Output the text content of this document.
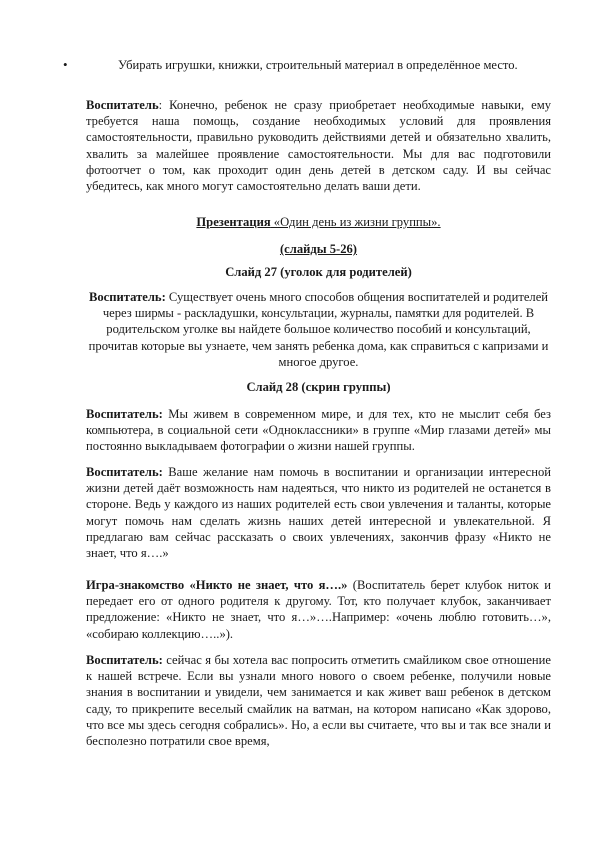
•	Убирать игрушки, книжки, строительный материал в определённое место.
Воспитатель: Конечно, ребенок не сразу приобретает необходимые навыки, ему требуется наша помощь, создание необходимых условий для проявления самостоятельности, правильно руководить действиями детей и обязательно хвалить, хвалить за малейшее проявление самостоятельности. Мы для вас подготовили фотоотчет о том, как проходит один день детей в детском саду. И вы сейчас убедитесь, как много могут самостоятельно делать ваши дети.
Презентация «Один день из жизни группы».
(слайды 5-26)
Слайд 27 (уголок для родителей)
Воспитатель: Существует очень много способов общения воспитателей и родителей через ширмы - раскладушки, консультации, журналы, памятки для родителей. В родительском уголке вы найдете большое количество пособий и консультаций, прочитав которые вы узнаете, чем занять ребенка дома, как справиться с капризами и многое другое.
Слайд 28 (скрин группы)
Воспитатель: Мы живем в современном мире, и для тех, кто не мыслит себя без компьютера, в социальной сети «Одноклассники» в группе «Мир глазами детей» мы постоянно выкладываем фотографии о жизни нашей группы.
Воспитатель: Ваше желание нам помочь в воспитании и организации интересной жизни детей даёт возможность нам надеяться, что никто из родителей не останется в стороне. Ведь у каждого из наших родителей есть свои увлечения и таланты, которые могут помочь нам сделать жизнь наших детей интересной и увлекательной. Я предлагаю вам сейчас рассказать о своих увлечениях, закончив фразу «Никто не знает, что я….»
Игра-знакомство «Никто не знает, что я….» (Воспитатель берет клубок ниток и передает его от одного родителя к другому. Тот, кто получает клубок, заканчивает предложение: «Никто не знает, что я…»….Например: «очень люблю готовить…», «собираю коллекцию…..»).
Воспитатель: сейчас я бы хотела вас попросить отметить смайликом свое отношение к нашей встрече. Если вы узнали много нового о своем ребенке, получили новые знания в воспитании и увидели, чем занимается и как живет ваш ребенок в детском саду, то прикрепите веселый смайлик на ватман, на котором написано «Как здорово, что все мы здесь сегодня собрались». Но, а если вы считаете, что вы и так все знали и бесполезно потратили свое время,
